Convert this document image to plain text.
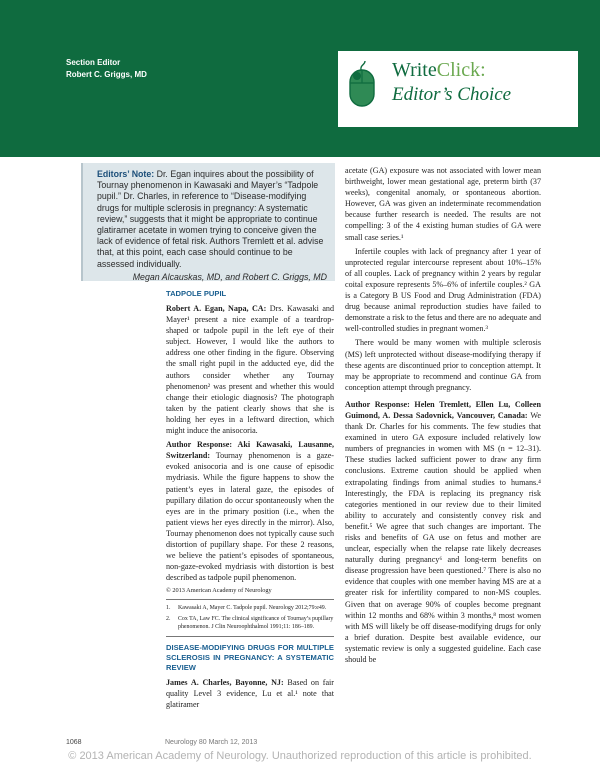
Section Editor
Robert C. Griggs, MD	WriteClick:
Editor’s Choice
Editors’ Note: Dr. Egan inquires about the possibility of Tournay phenomenon in Kawasaki and Mayer’s “Tadpole pupil.” Dr. Charles, in reference to “Disease-modifying drugs for multiple sclerosis in pregnancy: A systematic review,” suggests that it might be appropriate to continue glatiramer acetate in women trying to conceive given the lack of evidence of fetal risk. Authors Tremlett et al. advise that, at this point, each case should continue to be assessed individually.
Megan Alcauskas, MD, and Robert C. Griggs, MD
TADPOLE PUPIL

Robert A. Egan, Napa, CA: Drs. Kawasaki and Mayer¹ present a nice example of a teardrop-shaped or tadpole pupil in the left eye of their subject. However, I would like the authors to address one other finding in the figure. Observing the small right pupil in the adducted eye, did the authors consider whether any Tournay phenomenon² was present and whether this would change their etiologic diagnosis? The photograph taken by the patient clearly shows that she is holding her eyes in a leftward direction, which might induce the anisocoria.

Author Response: Aki Kawasaki, Lausanne, Switzerland: Tournay phenomenon is a gaze-evoked anisocoria and is one cause of episodic mydriasis. While the figure happens to show the patient’s eyes in lateral gaze, the episodes of pupillary dilation do occur spontaneously when the eyes are in the primary position (i.e., when the patient views her eyes directly in the mirror). Also, Tournay phenomenon does not typically cause such distortion of pupillary shape. For these 2 reasons, we believe the patient’s episodes of spontaneous, non-gaze-evoked mydriasis with distortion is best described as tadpole pupil phenomenon.

© 2013 American Academy of Neurology
1. Kawasaki A, Mayer C. Tadpole pupil. Neurology 2012;79:e49.
2. Cox TA, Law FC. The clinical significance of Tournay’s pupillary phenomenon. J Clin Neuroophthalmol 1991;11: 186–189.
DISEASE-MODIFYING DRUGS FOR MULTIPLE SCLEROSIS IN PREGNANCY: A SYSTEMATIC REVIEW

James A. Charles, Bayonne, NJ: Based on fair quality Level 3 evidence, Lu et al.¹ note that glatiramer

acetate (GA) exposure was not associated with lower mean birthweight, lower mean gestational age, preterm birth (37 weeks), congenital anomaly, or spontaneous abortion. However, GA was given an indeterminate recommendation because further research is needed. The results are not compelling: 3 of the 4 existing human studies of GA were small case series.¹

Infertile couples with lack of pregnancy after 1 year of unprotected regular intercourse represent about 10%–15% of all couples. Lack of pregnancy within 2 years by regular coital exposure represents 5%–6% of infertile couples.² GA is a Category B US Food and Drug Administration (FDA) drug because animal reproduction studies have failed to demonstrate a risk to the fetus and there are no adequate and well-controlled studies in pregnant women.³

There would be many women with multiple sclerosis (MS) left unprotected without disease-modifying therapy if these agents are discontinued prior to conception attempt. It may be appropriate to recommend and continue GA from conception attempt through pregnancy.

Author Response: Helen Tremlett, Ellen Lu, Colleen Guimond, A. Dessa Sadovnick, Vancouver, Canada: We thank Dr. Charles for his comments. The few studies that examined in utero GA exposure included relatively low numbers of pregnancies in women with MS (n = 12–31). These studies lacked sufficient power to draw any firm conclusions. Extreme caution should be applied when extrapolating findings from animal studies to humans.⁴ Interestingly, the FDA is replacing its pregnancy risk categories mentioned in our review due to their limited ability to accurately and consistently convey risk and benefit.⁵ We agree that such changes are important. The risks and benefits of GA use on fetus and mother are unclear, especially when the relapse rate likely decreases naturally during pregnancy⁶ and long-term benefits on disease progression have been questioned.⁷ There is also no evidence that couples with one member having MS are at a greater risk for infertility compared to non-MS couples. Given that on average 90% of couples become pregnant within 12 months and 68% within 3 months,⁸ most women with MS will likely be off disease-modifying drugs for only a brief duration. Despite best available evidence, our systematic review is only a suggested guideline. Each case should be

1068	Neurology 80 March 12, 2013
© 2013 American Academy of Neurology. Unauthorized reproduction of this article is prohibited.
